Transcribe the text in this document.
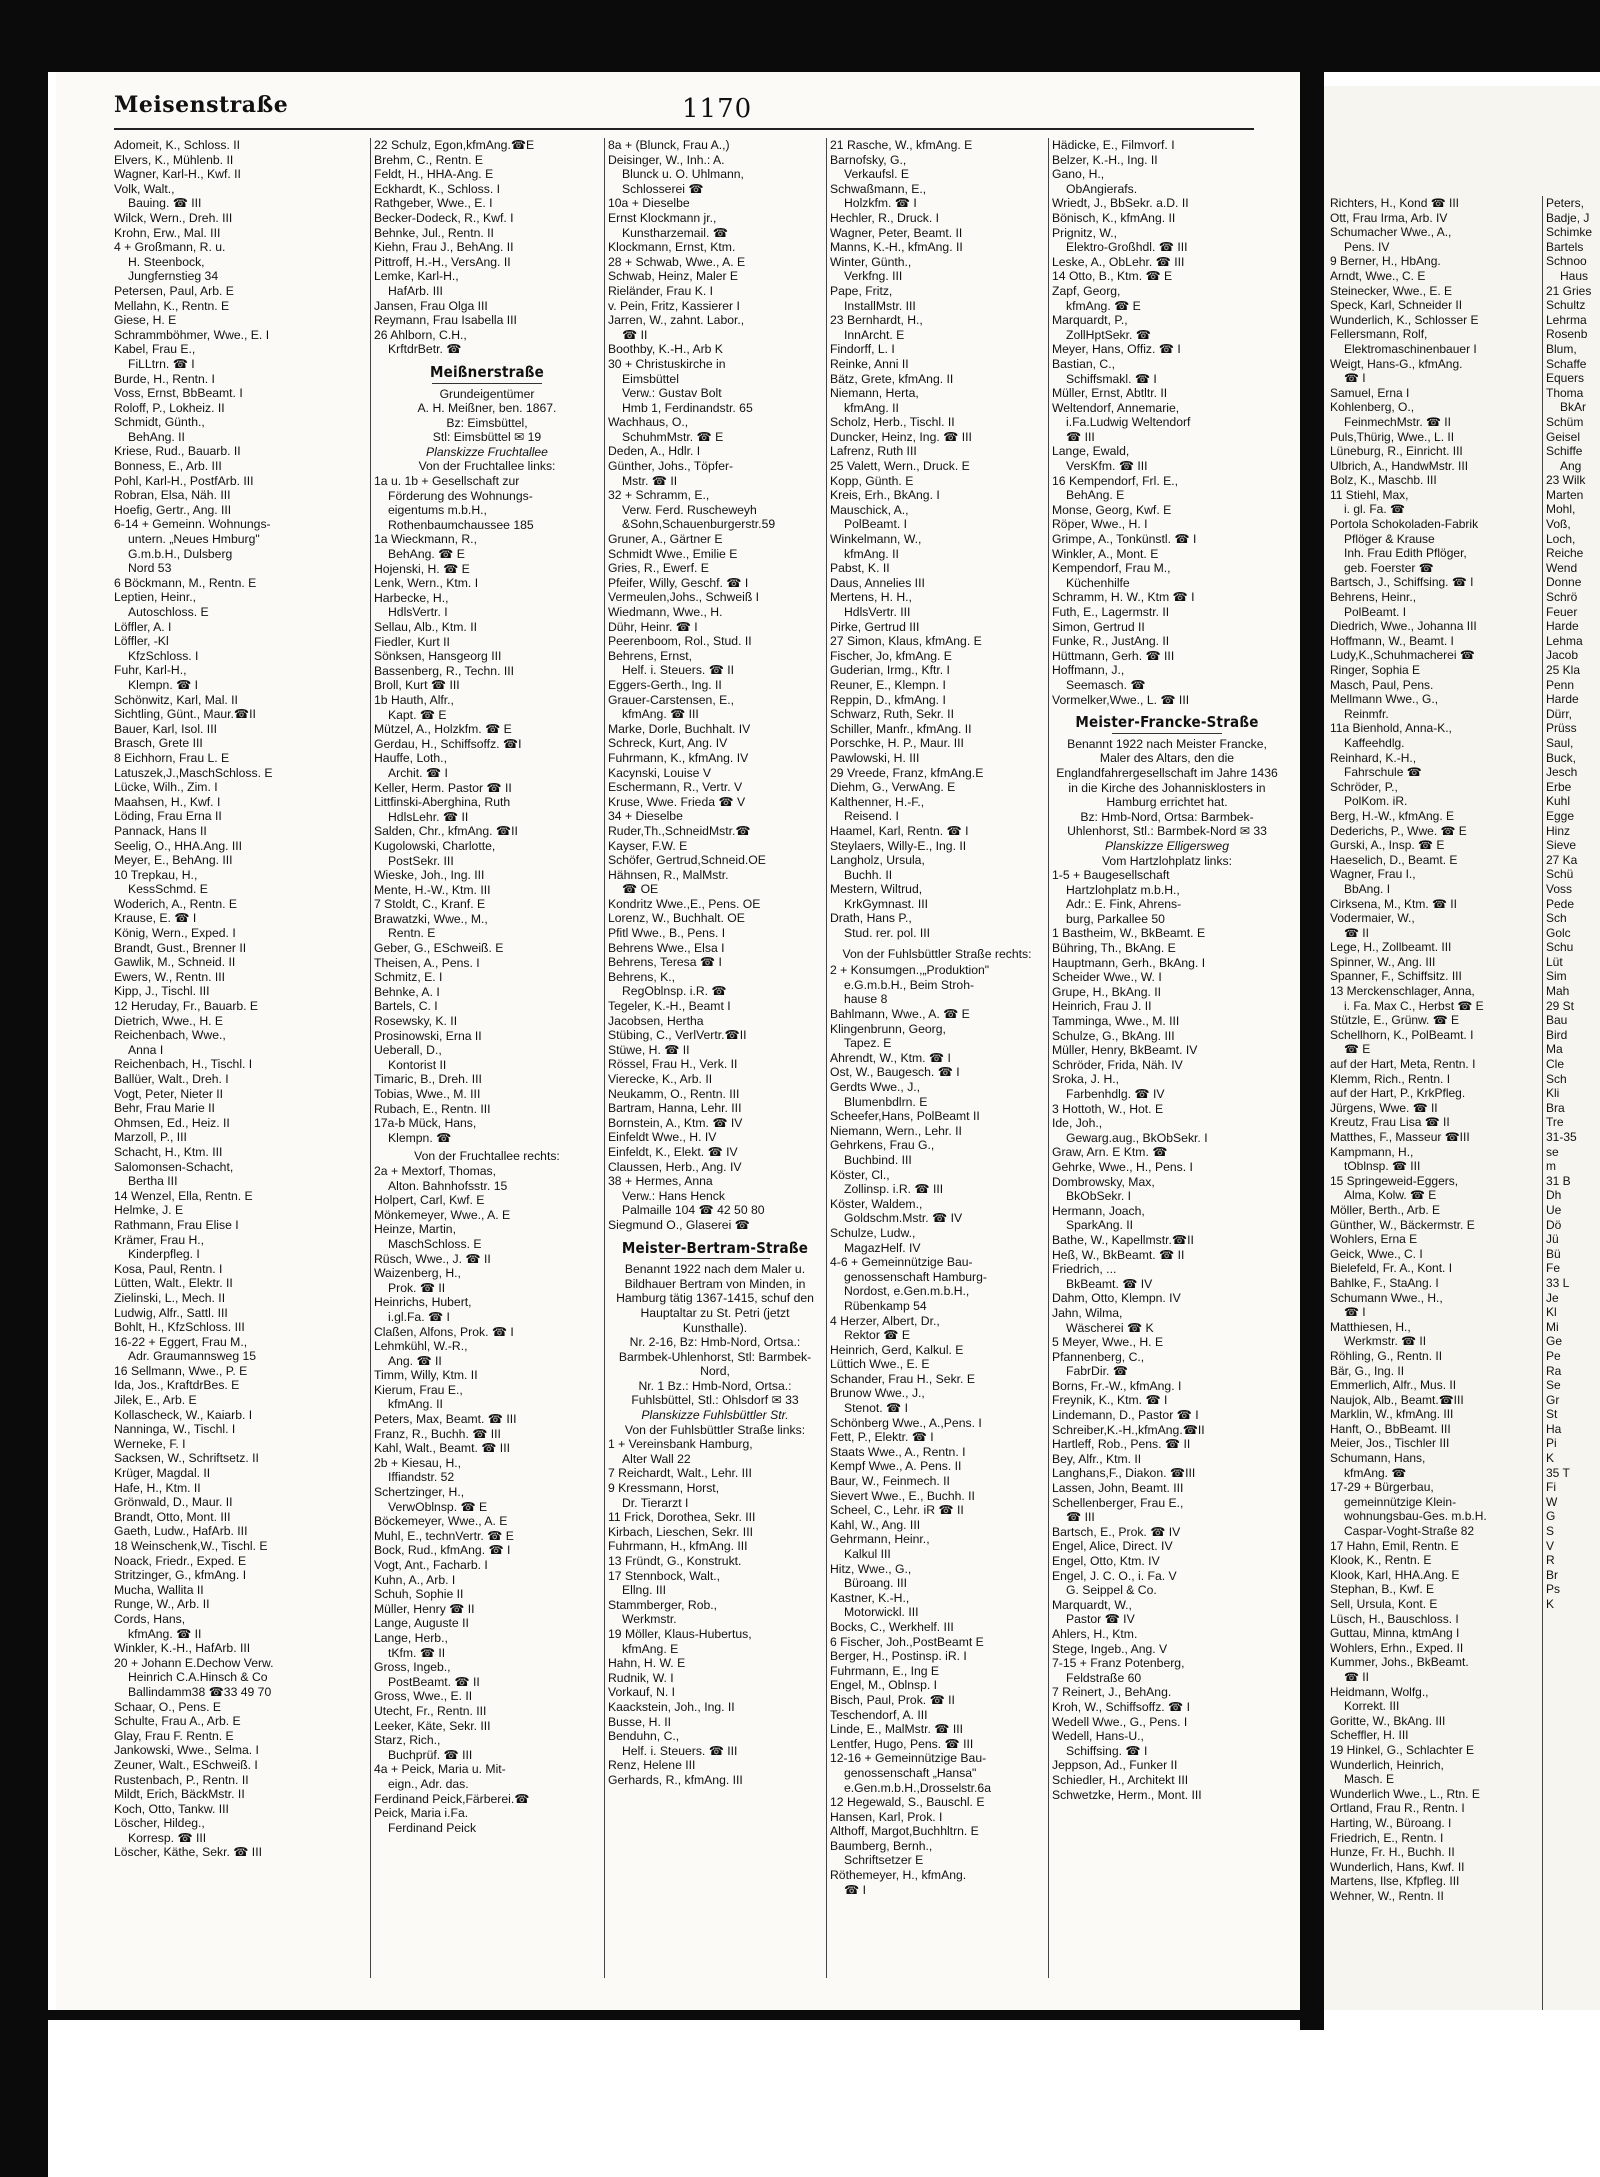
Richters, H., Kond ☎ III
Ott, Frau Irma, Arb. IV
Schumacher Wwe., A.,
Pens. IV
9 Berner, H., HbAng.
Arndt, Wwe., C. E
Steinecker, Wwe., E. E
Speck, Karl, Schneider II
Wunderlich, K., Schlosser E
Fellersmann, Rolf,
Elektromaschinenbauer I
Weigt, Hans-G., kfmAng.
☎ I
Samuel, Erna I
Kohlenberg, O.,
FeinmechMstr. ☎ II
Puls,Thürig, Wwe., L. II
Lüneburg, R., Einricht. III
Ulbrich, A., HandwMstr. III
Bolz, K., Maschb. III
11 Stiehl, Max,
i. gl. Fa. ☎
Portola Schokoladen-Fabrik
Pflöger & Krause
Inh. Frau Edith Pflöger,
geb. Foerster ☎
Bartsch, J., Schiffsing. ☎ I
Behrens, Heinr.,
PolBeamt. I
Diedrich, Wwe., Johanna III
Hoffmann, W., Beamt. I
Ludy,K.,Schuhmacherei ☎
Ringer, Sophia E
Masch, Paul, Pens.
Mellmann Wwe., G.,
Reinmfr.
11a Bienhold, Anna-K.,
Kaffeehdlg.
Reinhard, K.-H.,
Fahrschule ☎
Schröder, P.,
PolKom. iR.
Berg, H.-W., kfmAng. E
Dederichs, P., Wwe. ☎ E
Gurski, A., Insp. ☎ E
Haeselich, D., Beamt. E
Wagner, Frau I.,
BbAng. I
Cirksena, M., Ktm. ☎ II
Vodermaier, W.,
☎ II
Lege, H., Zollbeamt. III
Spinner, W., Ang. III
Spanner, F., Schiffsitz. III
13 Merckenschlager, Anna,
i. Fa. Max C., Herbst ☎ E
Stützle, E., Grünw. ☎ E
Schellhorn, K., PolBeamt. I
☎ E
auf der Hart, Meta, Rentn. I
Klemm, Rich., Rentn. I
auf der Hart, P., KrkPfleg.
Jürgens, Wwe. ☎ II
Kreutz, Frau Lisa ☎ II
Matthes, F., Masseur ☎III
Kampmann, H.,
tOblnsp. ☎ III
15 Springeweid-Eggers,
Alma, Kolw. ☎ E
Möller, Berth., Arb. E
Günther, W., Bäckermstr. E
Wohlers, Erna E
Geick, Wwe., C. I
Bielefeld, Fr. A., Kont. I
Bahlke, F., StaAng. I
Schumann Wwe., H.,
☎ I
Matthiesen, H.,
Werkmstr. ☎ II
Röhling, G., Rentn. II
Bär, G., Ing. II
Emmerlich, Alfr., Mus. II
Naujok, Alb., Beamt.☎III
Marklin, W., kfmAng. III
Hanft, O., BbBeamt. III
Meier, Jos., Tischler III
Schumann, Hans,
kfmAng. ☎
17-29 + Bürgerbau,
gemeinnützige Klein-
wohnungsbau-Ges. m.b.H.
Caspar-Voght-Straße 82
17 Hahn, Emil, Rentn. E
Klook, K., Rentn. E
Klook, Karl, HHA.Ang. E
Stephan, B., Kwf. E
Sell, Ursula, Kont. E
Lüsch, H., Bauschloss. I
Guttau, Minna, ktmAng I
Wohlers, Erhn., Exped. II
Kummer, Johs., BkBeamt.
☎ II
Heidmann, Wolfg.,
Korrekt. III
Goritte, W., BkAng. III
Scheffler, H. III
19 Hinkel, G., Schlachter E
Wunderlich, Heinrich,
Masch. E
Wunderlich Wwe., L., Rtn. E
Ortland, Frau R., Rentn. I
Harting, W., Büroang. I
Friedrich, E., Rentn. I
Hunze, Fr. H., Buchh. II
Wunderlich, Hans, Kwf. II
Martens, Ilse, Kfpfleg. III
Wehner, W., Rentn. II
Peters,
Badje, J
Schimke
Bartels
Schnoo
Haus
21 Gries
Schultz
Lehrma
Rosenb
Blum,
Schaffe
Equers
Thoma
BkAr
Schüm
Geisel
Schiffe
Ang
23 Wilk
Marten
Mohl,
Voß,
Loch,
Reiche
Wend
Donne
Schrö
Feuer
Harde
Lehma
Jacob
25 Kla
Penn
Harde
Dürr,
Prüss
Saul,
Buck,
Jesch
Erbe
Kuhl
Egge
Hinz
Sieve
27 Ka
Schü
Voss
Pede
Sch
Golc
Schu
Lüt
Sim
Mah
29 St
Bau
Bird
Ma
Cle
Sch
Kli
Bra
Tre
31-35
se
m
31 B
Dh
Ue
Dö
Jü
Bü
Fe
33 L
Je
Kl
Mi
Ge
Pe
Ra
Se
Gr
St
Ha
Pi
K
35 T
Fi
W
G
S
V
R
Br
Ps
K
Meisenstraße	1170
Adomeit, K., Schloss. II
Elvers, K., Mühlenb. II
Wagner, Karl-H., Kwf. II
Volk, Walt.,
Bauing. ☎ III
Wilck, Wern., Dreh. III
Krohn, Erw., Mal. III
4 + Großmann, R. u.
H. Steenbock,
Jungfernstieg 34
Petersen, Paul, Arb. E
Mellahn, K., Rentn. E
Giese, H. E
Schrammböhmer, Wwe., E. I
Kabel, Frau E.,
FiLLtrn. ☎ I
Burde, H., Rentn. I
Voss, Ernst, BbBeamt. I
Roloff, P., Lokheiz. II
Schmidt, Günth.,
BehAng. II
Kriese, Rud., Bauarb. II
Bonness, E., Arb. III
Pohl, Karl-H., PostfArb. III
Robran, Elsa, Näh. III
Hoefig, Gertr., Ang. III
6-14 + Gemeinn. Wohnungs-
untern. „Neues Hmburg"
G.m.b.H., Dulsberg
Nord 53
6 Böckmann, M., Rentn. E
Leptien, Heinr.,
Autoschloss. E
Löffler, A. I
Löffler, -Kl
KfzSchloss. I
Fuhr, Karl-H.,
Klempn. ☎ I
Schönwitz, Karl, Mal. II
Sichtling, Günt., Maur.☎II
Bauer, Karl, Isol. III
Brasch, Grete III
8 Eichhorn, Frau L. E
Latuszek,J.,MaschSchloss. E
Lücke, Wilh., Zim. I
Maahsen, H., Kwf. I
Löding, Frau Erna II
Pannack, Hans II
Seelig, O., HHA.Ang. III
Meyer, E., BehAng. III
10 Trepkau, H.,
KessSchmd. E
Woderich, A., Rentn. E
Krause, E. ☎ I
König, Wern., Exped. I
Brandt, Gust., Brenner II
Gawlik, M., Schneid. II
Ewers, W., Rentn. III
Kipp, J., Tischl. III
12 Heruday, Fr., Bauarb. E
Dietrich, Wwe., H. E
Reichenbach, Wwe.,
Anna I
Reichenbach, H., Tischl. I
Ballüer, Walt., Dreh. I
Vogt, Peter, Nieter II
Behr, Frau Marie II
Ohmsen, Ed., Heiz. II
Marzoll, P., III
Schacht, H., Ktm. III
Salomonsen-Schacht,
Bertha III
14 Wenzel, Ella, Rentn. E
Helmke, J. E
Rathmann, Frau Elise I
Krämer, Frau H.,
Kinderpfleg. I
Kosa, Paul, Rentn. I
Lütten, Walt., Elektr. II
Zielinski, L., Mech. II
Ludwig, Alfr., Sattl. III
Bohlt, H., KfzSchloss. III
16-22 + Eggert, Frau M.,
Adr. Graumannsweg 15
16 Sellmann, Wwe., P. E
Ida, Jos., KraftdrBes. E
Jilek, E., Arb. E
Kollascheck, W., Kaiarb. I
Nanninga, W., Tischl. I
Werneke, F. I
Sacksen, W., Schriftsetz. II
Krüger, Magdal. II
Hafe, H., Ktm. II
Grönwald, D., Maur. II
Brandt, Otto, Mont. III
Gaeth, Ludw., HafArb. III
18 Weinschenk,W., Tischl. E
Noack, Friedr., Exped. E
Stritzinger, G., kfmAng. I
Mucha, Wallita II
Runge, W., Arb. II
Cords, Hans,
kfmAng. ☎ II
Winkler, K.-H., HafArb. III
20 + Johann E.Dechow Verw.
Heinrich C.A.Hinsch & Co
Ballindamm38 ☎33 49 70
Schaar, O., Pens. E
Schulte, Frau A., Arb. E
Glay, Frau F. Rentn. E
Jankowski, Wwe., Selma. I
Zeuner, Walt., ESchweiß. I
Rustenbach, P., Rentn. II
Mildt, Erich, BäckMstr. II
Koch, Otto, Tankw. III
Löscher, Hildeg.,
Korresp. ☎ III
Löscher, Käthe, Sekr. ☎ III
22 Schulz, Egon,kfmAng.☎E
Brehm, C., Rentn. E
Feldt, H., HHA-Ang. E
Eckhardt, K., Schloss. I
Rathgeber, Wwe., E. I
Becker-Dodeck, R., Kwf. I
Behnke, Jul., Rentn. II
Kiehn, Frau J., BehAng. II
Pittroff, H.-H., VersAng. II
Lemke, Karl-H.,
HafArb. III
Jansen, Frau Olga III
Reymann, Frau Isabella III
26 Ahlborn, C.H.,
KrftdrBetr. ☎
Meißnerstraße
Grundeigentümer
A. H. Meißner, ben. 1867.
Bz: Eimsbüttel,
Stl: Eimsbüttel ✉ 19
Planskizze Fruchtallee
Von der Fruchtallee links:
1a u. 1b + Gesellschaft zur
Förderung des Wohnungs-
eigentums m.b.H.,
Rothenbaumchaussee 185
1a Wieckmann, R.,
BehAng. ☎ E
Hojenski, H. ☎ E
Lenk, Wern., Ktm. I
Harbecke, H.,
HdlsVertr. I
Sellau, Alb., Ktm. II
Fiedler, Kurt II
Sönksen, Hansgeorg III
Bassenberg, R., Techn. III
Broll, Kurt ☎ III
1b Hauth, Alfr.,
Kapt. ☎ E
Mützel, A., Holzkfm. ☎ E
Gerdau, H., Schiffsoffz. ☎I
Hauffe, Loth.,
Archit. ☎ I
Keller, Herm. Pastor ☎ II
Littfinski-Aberghina, Ruth
HdlsLehr. ☎ II
Salden, Chr., kfmAng. ☎II
Kugolowski, Charlotte,
PostSekr. III
Wieske, Joh., Ing. III
Mente, H.-W., Ktm. III
7 Stoldt, C., Kranf. E
Brawatzki, Wwe., M.,
Rentn. E
Geber, G., ESchweiß. E
Theisen, A., Pens. I
Schmitz, E. I
Behnke, A. I
Bartels, C. I
Rosewsky, K. II
Prosinowski, Erna II
Ueberall, D.,
Kontorist II
Timaric, B., Dreh. III
Tobias, Wwe., M. III
Rubach, E., Rentn. III
17a-b Mück, Hans,
Klempn. ☎
Von der Fruchtallee rechts:
2a + Mextorf, Thomas,
Alton. Bahnhofsstr. 15
Holpert, Carl, Kwf. E
Mönkemeyer, Wwe., A. E
Heinze, Martin,
MaschSchloss. E
Rüsch, Wwe., J. ☎ II
Waizenberg, H.,
Prok. ☎ II
Heinrichs, Hubert,
i.gl.Fa. ☎ I
Claßen, Alfons, Prok. ☎ I
Lehmkühl, W.-R.,
Ang. ☎ II
Timm, Willy, Ktm. II
Kierum, Frau E.,
kfmAng. II
Peters, Max, Beamt. ☎ III
Franz, R., Buchh. ☎ III
Kahl, Walt., Beamt. ☎ III
2b + Kiesau, H.,
Iffiandstr. 52
Schertzinger, H.,
VerwOblnsp. ☎ E
Böckemeyer, Wwe., A. E
Muhl, E., technVertr. ☎ E
Bock, Rud., kfmAng. ☎ I
Vogt, Ant., Facharb. I
Kuhn, A., Arb. I
Schuh, Sophie II
Müller, Henry ☎ II
Lange, Auguste II
Lange, Herb.,
tKfm. ☎ II
Gross, Ingeb.,
PostBeamt. ☎ II
Gross, Wwe., E. II
Utecht, Fr., Rentn. III
Leeker, Käte, Sekr. III
Starz, Rich.,
Buchprüf. ☎ III
4a + Peick, Maria u. Mit-
eign., Adr. das.
Ferdinand Peick,Färberei.☎
Peick, Maria i.Fa.
Ferdinand Peick
8a + (Blunck, Frau A.,)
Deisinger, W., Inh.: A.
Blunck u. O. Uhlmann,
Schlosserei ☎
10a + Dieselbe
Ernst Klockmann jr.,
Kunstharzemail. ☎
Klockmann, Ernst, Ktm.
28 + Schwab, Wwe., A. E
Schwab, Heinz, Maler E
Rieländer, Frau K. I
v. Pein, Fritz, Kassierer I
Jarren, W., zahnt. Labor.,
☎ II
Boothby, K.-H., Arb K
30 + Christuskirche in
Eimsbüttel
Verw.: Gustav Bolt
Hmb 1, Ferdinandstr. 65
Wachhaus, O.,
SchuhmMstr. ☎ E
Deden, A., Hdlr. I
Günther, Johs., Töpfer-
Mstr. ☎ II
32 + Schramm, E.,
Verw. Ferd. Ruscheweyh
&Sohn,Schauenburgerstr.59
Gruner, A., Gärtner E
Schmidt Wwe., Emilie E
Gries, R., Ewerf. E
Pfeifer, Willy, Geschf. ☎ I
Vermeulen,Johs., Schweiß I
Wiedmann, Wwe., H.
Dühr, Heinr. ☎ I
Peerenboom, Rol., Stud. II
Behrens, Ernst,
Helf. i. Steuers. ☎ II
Eggers-Gerth., Ing. II
Grauer-Carstensen, E.,
kfmAng. ☎ III
Marke, Dorle, Buchhalt. IV
Schreck, Kurt, Ang. IV
Fuhrmann, K., kfmAng. IV
Kacynski, Louise V
Eschermann, R., Vertr. V
Kruse, Wwe. Frieda ☎ V
34 + Dieselbe
Ruder,Th.,SchneidMstr.☎
Kayser, F.W. E
Schöfer, Gertrud,Schneid.OE
Hähnsen, R., MalMstr.
☎ OE
Kondritz Wwe.,E., Pens. OE
Lorenz, W., Buchhalt. OE
Pfitl Wwe., B., Pens. I
Behrens Wwe., Elsa I
Behrens, Teresa ☎ I
Behrens, K.,
RegOblnsp. i.R. ☎
Tegeler, K.-H., Beamt I
Jacobsen, Hertha
Stübing, C., VerlVertr.☎II
Stüwe, H. ☎ II
Rössel, Frau H., Verk. II
Vierecke, K., Arb. II
Neukamm, O., Rentn. III
Bartram, Hanna, Lehr. III
Bornstein, A., Ktm. ☎ IV
Einfeldt Wwe., H. IV
Einfeldt, K., Elekt. ☎ IV
Claussen, Herb., Ang. IV
38 + Hermes, Anna
Verw.: Hans Henck
Palmaille 104 ☎ 42 50 80
Siegmund O., Glaserei ☎
Meister-Bertram-Straße
Benannt 1922 nach dem Maler u. Bildhauer Bertram von Minden, in Hamburg tätig 1367-1415, schuf den Hauptaltar zu St. Petri (jetzt Kunsthalle).
Nr. 2-16, Bz: Hmb-Nord, Ortsa.: Barmbek-Uhlenhorst, Stl: Barmbek-Nord,
Nr. 1 Bz.: Hmb-Nord, Ortsa.: Fuhlsbüttel, Stl.: Ohlsdorf ✉ 33
Planskizze Fuhlsbüttler Str.
Von der Fuhlsbüttler Straße links:
1 + Vereinsbank Hamburg,
Alter Wall 22
7 Reichardt, Walt., Lehr. III
9 Kressmann, Horst,
Dr. Tierarzt I
11 Frick, Dorothea, Sekr. III
Kirbach, Lieschen, Sekr. III
Fuhrmann, H., kfmAng. III
13 Fründt, G., Konstrukt.
17 Stennbock, Walt.,
Ellng. III
Stammberger, Rob.,
Werkmstr.
19 Möller, Klaus-Hubertus,
kfmAng. E
Hahn, H. W. E
Rudnik, W. I
Vorkauf, N. I
Kaackstein, Joh., Ing. II
Busse, H. II
Benduhn, C.,
Helf. i. Steuers. ☎ III
Renz, Helene III
Gerhards, R., kfmAng. III
21 Rasche, W., kfmAng. E
Barnofsky, G.,
Verkaufsl. E
Schwaßmann, E.,
Holzkfm. ☎ I
Hechler, R., Druck. I
Wagner, Peter, Beamt. II
Manns, K.-H., kfmAng. II
Winter, Günth.,
Verkfng. III
Pape, Fritz,
InstallMstr. III
23 Bernhardt, H.,
InnArcht. E
Findorff, L. I
Reinke, Anni II
Bätz, Grete, kfmAng. II
Niemann, Herta,
kfmAng. II
Scholz, Herb., Tischl. II
Duncker, Heinz, Ing. ☎ III
Lafrenz, Ruth III
25 Valett, Wern., Druck. E
Kopp, Günth. E
Kreis, Erh., BkAng. I
Mauschick, A.,
PolBeamt. I
Winkelmann, W.,
kfmAng. II
Pabst, K. II
Daus, Annelies III
Mertens, H. H.,
HdlsVertr. III
Pirke, Gertrud III
27 Simon, Klaus, kfmAng. E
Fischer, Jo, kfmAng. E
Guderian, Irmg., Kftr. I
Reuner, E., Klempn. I
Reppin, D., kfmAng. I
Schwarz, Ruth, Sekr. II
Schiller, Manfr., kfmAng. II
Porschke, H. P., Maur. III
Pawlowski, H. III
29 Vreede, Franz, kfmAng.E
Diehm, G., VerwAng. E
Kalthenner, H.-F.,
Reisend. I
Haamel, Karl, Rentn. ☎ I
Steylaers, Willy-E., Ing. II
Langholz, Ursula,
Buchh. II
Mestern, Wiltrud,
KrkGymnast. III
Drath, Hans P.,
Stud. rer. pol. III
Von der Fuhlsbüttler Straße rechts:
2 + Konsumgen.,„Produktion"
e.G.m.b.H., Beim Stroh-
hause 8
Bahlmann, Wwe., A. ☎ E
Klingenbrunn, Georg,
Tapez. E
Ahrendt, W., Ktm. ☎ I
Ost, W., Baugesch. ☎ I
Gerdts Wwe., J.,
Blumenbdlrn. E
Scheefer,Hans, PolBeamt II
Niemann, Wern., Lehr. II
Gehrkens, Frau G.,
Buchbind. III
Köster, Cl.,
Zollinsp. i.R. ☎ III
Köster, Waldem.,
Goldschm.Mstr. ☎ IV
Schulze, Ludw.,
MagazHelf. IV
4-6 + Gemeinnützige Bau-
genossenschaft Hamburg-
Nordost, e.Gen.m.b.H.,
Rübenkamp 54
4 Herzer, Albert, Dr.,
Rektor ☎ E
Heinrich, Gerd, Kalkul. E
Lüttich Wwe., E. E
Schander, Frau H., Sekr. E
Brunow Wwe., J.,
Stenot. ☎ I
Schönberg Wwe., A.,Pens. I
Fett, P., Elektr. ☎ I
Staats Wwe., A., Rentn. I
Kempf Wwe., A. Pens. II
Baur, W., Feinmech. II
Sievert Wwe., E., Buchh. II
Scheel, C., Lehr. iR ☎ II
Kahl, W., Ang. III
Gehrmann, Heinr.,
Kalkul III
Hitz, Wwe., G.,
Büroang. III
Kastner, K.-H.,
Motorwickl. III
Bocks, C., Werkhelf. III
6 Fischer, Joh.,PostBeamt E
Berger, H., Postinsp. iR. I
Fuhrmann, E., Ing E
Engel, M., Oblnsp. I
Bisch, Paul, Prok. ☎ II
Teschendorf, A. III
Linde, E., MalMstr. ☎ III
Lentfer, Hugo, Pens. ☎ III
12-16 + Gemeinnützige Bau-
genossenschaft „Hansa"
e.Gen.m.b.H.,Drosselstr.6a
12 Hegewald, S., Bauschl. E
Hansen, Karl, Prok. I
Althoff, Margot,Buchhltrn. E
Baumberg, Bernh.,
Schriftsetzer E
Röthemeyer, H., kfmAng.
☎ I
Hädicke, E., Filmvorf. I
Belzer, K.-H., Ing. II
Gano, H.,
ObAngierafs.
Wriedt, J., BbSekr. a.D. II
Bönisch, K., kfmAng. II
Prignitz, W.,
Elektro-Großhdl. ☎ III
Leske, A., ObLehr. ☎ III
14 Otto, B., Ktm. ☎ E
Zapf, Georg,
kfmAng. ☎ E
Marquardt, P.,
ZollHptSekr. ☎
Meyer, Hans, Offiz. ☎ I
Bastian, C.,
Schiffsmakl. ☎ I
Müller, Ernst, Abtltr. II
Weltendorf, Annemarie,
i.Fa.Ludwig Weltendorf
☎ III
Lange, Ewald,
VersKfm. ☎ III
16 Kempendorf, Frl. E.,
BehAng. E
Monse, Georg, Kwf. E
Röper, Wwe., H. I
Grimpe, A., Tonkünstl. ☎ I
Winkler, A., Mont. E
Kempendorf, Frau M.,
Küchenhilfe
Schramm, H. W., Ktm ☎ I
Futh, E., Lagermstr. II
Simon, Gertrud II
Funke, R., JustAng. II
Hüttmann, Gerh. ☎ III
Hoffmann, J.,
Seemasch. ☎
Vormelker,Wwe., L. ☎ III
Meister-Francke-Straße
Benannt 1922 nach Meister Francke, Maler des Altars, den die Englandfahrergesellschaft im Jahre 1436 in die Kirche des Johannisklosters in Hamburg errichtet hat.
Bz: Hmb-Nord, Ortsa: Barmbek-Uhlenhorst, Stl.: Barmbek-Nord ✉ 33
Planskizze Elligersweg
Vom Hartzlohplatz links:
1-5 + Baugesellschaft
Hartzlohplatz m.b.H.,
Adr.: E. Fink, Ahrens-
burg, Parkallee 50
1 Bastheim, W., BkBeamt. E
Bühring, Th., BkAng. E
Hauptmann, Gerh., BkAng. I
Scheider Wwe., W. I
Grupe, H., BkAng. II
Heinrich, Frau J. II
Tamminga, Wwe., M. III
Schulze, G., BkAng. III
Müller, Henry, BkBeamt. IV
Schröder, Frida, Näh. IV
Sroka, J. H.,
Farbenhdlg. ☎ IV
3 Hottoth, W., Hot. E
Ide, Joh.,
Gewarg.aug., BkObSekr. I
Graw, Arn. E Ktm. ☎
Gehrke, Wwe., H., Pens. I
Dombrowsky, Max,
BkObSekr. I
Hermann, Joach,
SparkAng. II
Bathe, W., Kapellmstr.☎II
Heß, W., BkBeamt. ☎ II
Friedrich, ...
BkBeamt. ☎ IV
Dahm, Otto, Klempn. IV
Jahn, Wilma,
Wäscherei ☎ K
5 Meyer, Wwe., H. E
Pfannenberg, C.,
FabrDir. ☎
Borns, Fr.-W., kfmAng. I
Freynik, K., Ktm. ☎ I
Lindemann, D., Pastor ☎ I
Schreiber,K.-H.,kfmAng.☎II
Hartleff, Rob., Pens. ☎ II
Bey, Alfr., Ktm. II
Langhans,F., Diakon. ☎III
Lassen, John, Beamt. III
Schellenberger, Frau E.,
☎ III
Bartsch, E., Prok. ☎ IV
Engel, Alice, Direct. IV
Engel, Otto, Ktm. IV
Engel, J. C. O., i. Fa. V
G. Seippel & Co.
Marquardt, W.,
Pastor ☎ IV
Ahlers, H., Ktm.
Stege, Ingeb., Ang. V
7-15 + Franz Potenberg,
Feldstraße 60
7 Reinert, J., BehAng.
Kroh, W., Schiffsoffz. ☎ I
Wedell Wwe., G., Pens. I
Wedell, Hans-U.,
Schiffsing. ☎ I
Jeppson, Ad., Funker II
Schiedler, H., Architekt III
Schwetzke, Herm., Mont. III
